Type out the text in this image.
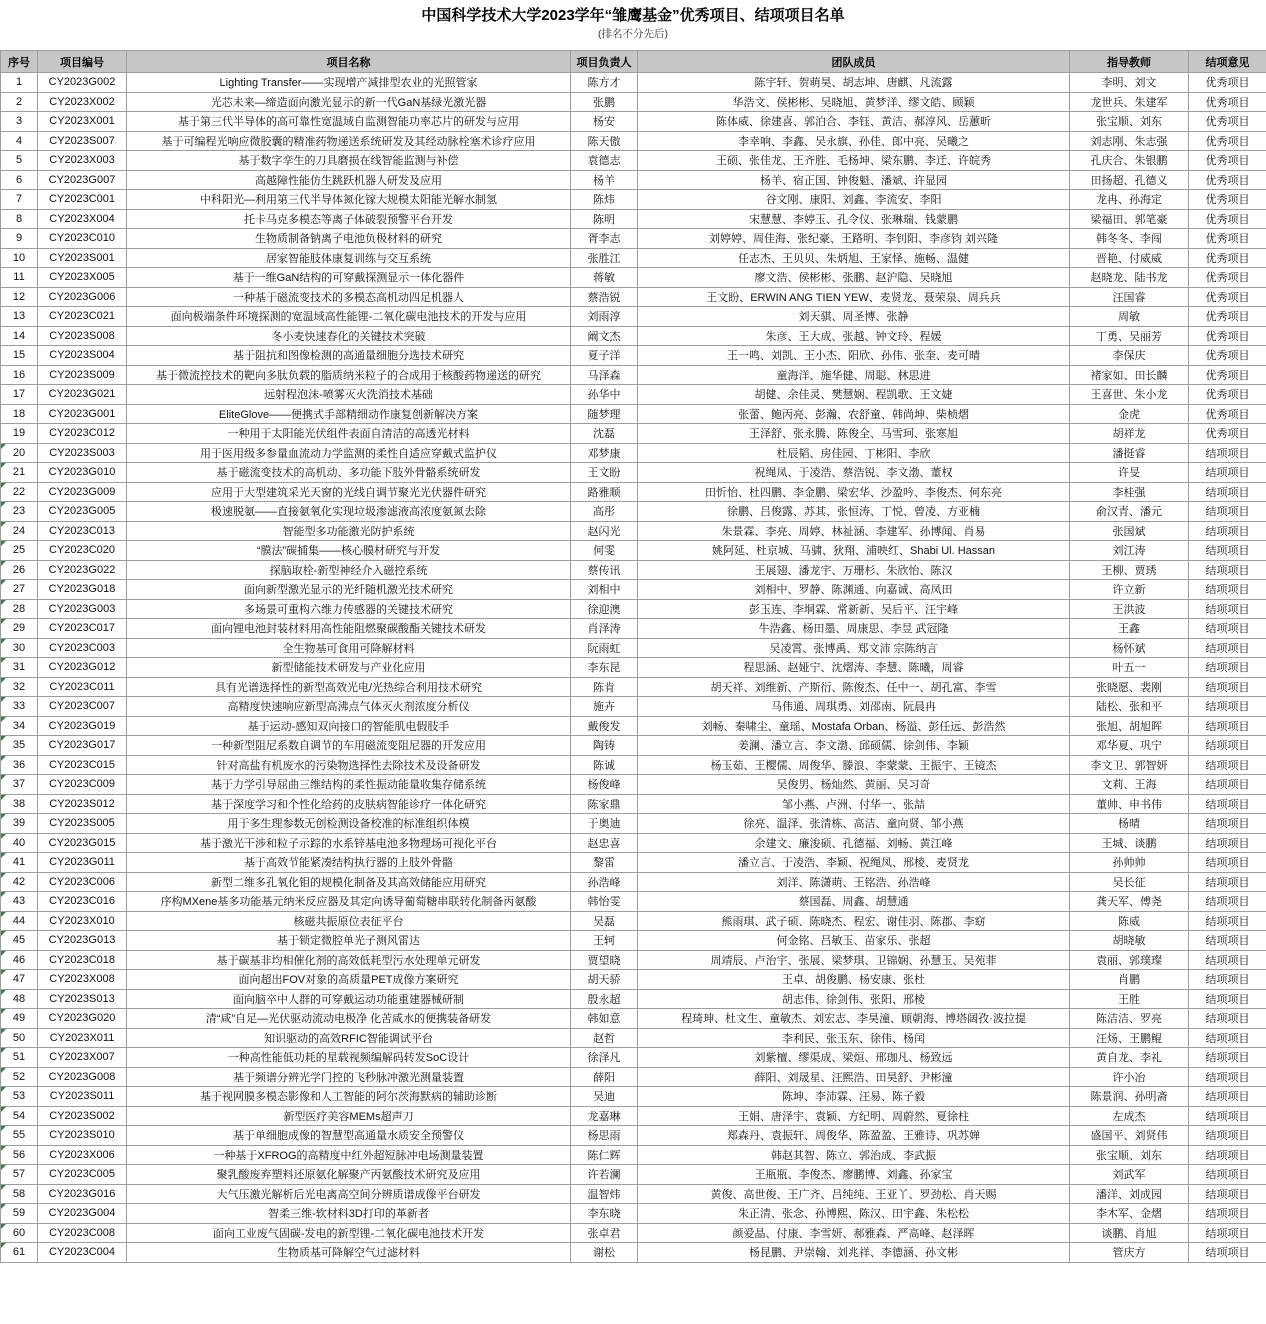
中国科学技术大学2023学年“雏鹰基金”优秀项目、结项项目名单
(排名不分先后)
序号	项目编号	项目名称	项目负责人	团队成员	指导教师	结项意见
1	CY2023G002	Lighting Transfer——实现增产减排型农业的光照管家	陈方才	陈宇轩、贺萌昊、胡志坤、唐麒、凡流露	李明、刘文	优秀项目
2	CY2023X002	光芯未来—缔造面向激光显示的新一代GaN基绿光激光器	张鹏	华浩文、侯彬彬、吴晓旭、黄梦洋、缪文皓、顾颖	龙世兵、朱建军	优秀项目
3	CY2023X001	基于第三代半导体的高可靠性宽温域自监测智能功率芯片的研发与应用	杨安	陈体威、徐建喜、郭泊合、李钰、黄洁、郝淳风、岳蕙昕	张宝顺、刘东	优秀项目
4	CY2023S007	基于可编程光响应微胶囊的精准药物递送系统研发及其经动脉栓塞术诊疗应用	陈天傲	李幸响、李鑫、吴永旗、孙佳、郎中亮、吴曦之	刘志刚、朱志强	优秀项目
5	CY2023X003	基于数字孪生的刀具磨损在线智能监测与补偿	袁德志	王硕、张佳龙、王齐胜、毛杨坤、梁东鹏、李迁、许皖秀	孔庆合、朱银鹏	优秀项目
6	CY2023G007	高越障性能仿生跳跃机器人研发及应用	杨羊	杨羊、宿正国、钟俊魁、潘斌、许显园	田扬超、孔德义	优秀项目
7	CY2023C001	中科阳光—利用第三代半导体氮化镓大规模太阳能光解水制氢	陈炜	谷文刚、康阳、刘鑫、李流安、李阳	龙冉、孙海定	优秀项目
8	CY2023X004	托卡马克多模态等离子体破裂预警平台开发	陈明	宋慧慧、李婷玉、孔令仪、张琳瑞、钱蒙鹏	梁福田、郭笔豪	优秀项目
9	CY2023C010	生物质制备钠离子电池负极材料的研究	胥李志	刘婷婷、周佳海、张纪豪、王路明、李钊阳、李彦钧 刘兴隆	韩冬冬、李闯	优秀项目
10	CY2023S001	居家智能肢体康复训练与交互系统	张胜江	任志杰、王贝贝、朱炳旭、王家怿、施畅、温健	晋艳、付威威	优秀项目
11	CY2023X005	基于一维GaN结构的可穿戴探测显示一体化器件	蒋敏	廖文浩、侯彬彬、张鹏、赵沪隐、吴晓旭	赵晓龙、陆书龙	优秀项目
12	CY2023G006	一种基于磁流变技术的多模态高机动四足机器人	蔡浩锐	王文盼、ERWIN ANG TIEN YEW、麦贤龙、聂荣泉、周兵兵	汪国睿	优秀项目
13	CY2023C021	面向极端条件环境探测的宽温域高性能锂-二氧化碳电池技术的开发与应用	刘雨淳	刘天骐、周圣博、张静	周敏	优秀项目
14	CY2023S008	冬小麦快速春化的关键技术突破	阚文杰	朱彦、王大成、张越、钟文玲、程媛	丁勇、吴丽芳	优秀项目
15	CY2023S004	基于阻抗和图像检测的高通量细胞分选技术研究	夏子洋	王一鸣、刘凯、王小杰、阳欣、孙伟、张奎、麦可晴	李保庆	优秀项目
16	CY2023S009	基于微流控技术的靶向多肽负载的脂质纳米粒子的合成用于核酸药物递送的研究	马泽森	童海洋、施华健、周聪、林思进	褚家如、田长麟	优秀项目
17	CY2023G021	远射程泡沫-喷雾灭火洗消技术基础	孙华中	胡健、余佳灵、樊慧娴、程凯歌、王文婕	王喜世、朱小龙	优秀项目
18	CY2023G001	EliteGlove——便携式手部精细动作康复创新解决方案	随梦理	张蕾、鲍丙亮、彭瀚、农舒童、韩尚坤、柴桢熠	金虎	优秀项目
19	CY2023C012	一种用于太阳能光伏组件表面自清洁的高透光材料	沈磊	王泽舒、张永腾、陈俊全、马雪珂、张寒旭	胡祥龙	优秀项目
20	CY2023S003	用于医用级多参量血流动力学监测的柔性自适应穿戴式监护仪	邓梦康	杜辰韬、房佳园、丁彬阳、李欣	潘挺睿	结项项目
21	CY2023G010	基于磁流变技术的高机动、多功能下肢外骨骼系统研发	王文盼	祝绳凤、于凌浩、蔡浩锐、李文渤、董权	许旻	结项项目
22	CY2023G009	应用于大型建筑采光天窗的光线自调节聚光光伏器件研究	路雅顺	田忻怡、杜四鹏、李金鹏、梁宏华、沙盈吟、李俊杰、何东亮	李桂强	结项项目
23	CY2023G005	极速脱氨——直接氨氧化实现垃圾渗滤液高浓度氨氮去除	高彤	徐鹏、吕俊露、苏其、张恒涛、丁悦、曾凌、方亚楠	俞汉青、潘元	结项项目
24	CY2023C013	智能型多功能激光防护系统	赵闪光	朱景霖、李亮、周婷、林祉涵、李建军、孙博闻、肖易	张国斌	结项项目
25	CY2023C020	“膜法”碳捕集——核心膜材研究与开发	何雯	姚阿延、杜京城、马骕、狄翔、浦映红、Shabi Ul. Hassan	刘江涛	结项项目
26	CY2023G022	探脑取栓-新型神经介入磁控系统	蔡传讯	王展翅、潘龙宇、万珊杉、朱欣怡、陈汉	王柳、贾琇	结项项目
27	CY2023G018	面向新型激光显示的光纤随机激光技术研究	刘相中	刘相中、罗静、陈渊通、向嘉诚、高凤田	许立新	结项项目
28	CY2023G003	多场景可重构六维力传感器的关键技术研究	徐迎澳	彭玉连、李垌霖、常新新、吴后平、汪宇峰	王洪波	结项项目
29	CY2023C017	面向锂电池封装材料用高性能阻燃聚碳酸酯关键技术研发	肖泽涛	牛浩鑫、杨田墨、周康思、李昱 武冠隆	王鑫	结项项目
30	CY2023C003	全生物基可食用可降解材料	阮雨虹	吴凌霄、张博禹、郑文沛 宗陈纳言	杨怀斌	结项项目
31	CY2023G012	新型储能技术研发与产业化应用	李东昆	程思涵、赵娅宁、沈熠涛、李慧、陈曦，周睿	叶五一	结项项目
32	CY2023C011	具有光谱选择性的新型高效光电/光热综合利用技术研究	陈肯	胡天祥、刘维新、产斯衍、陈俊杰、任中一、胡孔富、李雪	张晓愿、裴刚	结项项目
33	CY2023C007	高精度快速响应新型高沸点气体灭火剂浓度分析仪	施卉	马伟通、周琪勇、刘邵南、阮晨冉	陆松、张和平	结项项目
34	CY2023G019	基于运动-感知双向接口的智能肌电假肢手	戴俊发	刘畅、秦啸尘、童瑶、Mostafa Orban、杨溢、彭任远、彭浩然	张旭、胡旭晖	结项项目
35	CY2023G017	一种新型阻尼系数自调节的车用磁流变阻尼器的开发应用	陶铸	姜澜、潘立言、李文渤、邱硕儒、徐剑伟、李颖	邓华夏、巩宁	结项项目
36	CY2023C015	针对高盐有机废水的污染物选择性去除技术及设备研发	陈诚	杨玉茹、王樱儒、周俊华、滕浪、李蒙蒙、王振宇、王镜杰	李文卫、郭智妍	结项项目
37	CY2023C009	基于力学引导屈曲三维结构的柔性振动能量收集存储系统	杨俊峰	吴俊男、杨灿然、黄丽、吴习奇	文莉、王海	结项项目
38	CY2023S012	基于深度学习和个性化给药的皮肤病智能诊疗一体化研究	陈家鼎	邹小燕、卢洲、付华一、张喆	董帅、申书伟	结项项目
39	CY2023S005	用于多生理参数无创检测设备校准的标准组织体模	于奥迪	徐亮、温泽、张清栋、高洁、童向贤、邹小燕	杨晴	结项项目
40	CY2023G015	基于激光干涉和粒子示踪的水系锌基电池多物理场可视化平台	赵忠喜	余建文、廉浚硕、孔德福、刘畅、黄江峰	王城、谈鹏	结项项目
41	CY2023G011	基于高效节能紧凑结构执行器的上肢外骨骼	黎雷	潘立言、于凌浩、李颖、祝绳凤、邢棱、麦贤龙	孙帅帅	结项项目
42	CY2023C006	新型二维多孔氧化钼的规模化制备及其高效储能应用研究	孙浩峰	刘洋、陈潇萌、王铭浩、孙浩峰	吴长征	结项项目
43	CY2023C016	序构MXene基多功能基元纳米反应器及其定向诱导葡萄糖串联转化制备丙氨酸	韩怡雯	蔡国磊、周鑫、胡慧通	龚天军、傅尧	结项项目
44	CY2023X010	核磁共振原位表征平台	吴磊	熊雨琪、武子硕、陈晓杰、程宏、谢佳羽、陈郡、李窈	陈威	结项项目
45	CY2023G013	基于锁定微腔单光子测风雷达	王轲	何金铭、吕敏玉、苗家乐、张超	胡晓敏	结项项目
46	CY2023C018	基于碳基非均相催化剂的高效低耗型污水处理单元研发	贾望晓	周靖辰、卢治宇、张展、梁梦琪、卫锦娴、孙慧玉、吴苑菲	袁丽、郭璞璨	结项项目
47	CY2023X008	面向超出FOV对象的高质量PET成像方案研究	胡天骄	王卓、胡俊鹏、杨安康、张杜	肖鹏	结项项目
48	CY2023S013	面向脑卒中人群的可穿戴运动功能重建器械研制	殷永超	胡志伟、徐剑伟、张阳、邢棱	王胜	结项项目
49	CY2023G020	清“咸”自足—光伏驱动流动电极净 化苦咸水的便携装备研发	韩如意	程琦珅、杜文生、童敏杰、刘宏志、李昊潼、顾朝海、博塔阔孜·波拉提	陈洁洁、罗亮	结项项目
50	CY2023X011	知识驱动的高效RFIC智能调试平台	赵哲	李利民、张玉东、徐伟、杨闰	汪炀、王鹏鲲	结项项目
51	CY2023X007	一种高性能低功耗的星载视频编解码转发SoC设计	徐泽凡	刘紫檀、缪渠成、梁烜、邢珈凡、杨致远	黄自龙、李礼	结项项目
52	CY2023G008	基于频谱分辨光学门控的飞秒脉冲激光测量装置	薛阳	薛阳、刘晟星、汪熙浩、田昊舒、尹彬潼	许小冶	结项项目
53	CY2023S011	基于视网膜多模态影像和人工智能的阿尔茨海默病的辅助诊断	吴迪	陈坤、李沛霖、汪易、陈子毅	陈景润、孙明斋	结项项目
54	CY2023S002	新型医疗美容MEMs超声刀	龙嘉琳	王娟、唐泽宇、袁颖、方纪明、周蔚然、夏徐柱	左成杰	结项项目
55	CY2023S010	基于单细胞成像的智慧型高通量水质安全预警仪	杨思雨	郑森丹、袁振轩、周俊华、陈盈盈、王雅诗、巩苏婵	盛国平、刘贤伟	结项项目
56	CY2023X006	一种基于XFROG的高精度中红外超短脉冲电场测量装置	陈仁辉	韩赵其智、陈立、郭治成、李武振	张宝顺、刘东	结项项目
57	CY2023C005	聚乳酸废弃塑料还原氨化解聚产丙氨酸技术研究及应用	许若澜	王瓶瓶、李俊杰、廖鹏博、刘鑫、孙家宝	刘武军	结项项目
58	CY2023G016	大气压激光解析后光电离高空间分辨质谱成像平台研发	温智炜	黄俊、高世俊、王广齐、吕纯纯、王亚丫、罗劲松、肖天赐	潘洋、刘成园	结项项目
59	CY2023G004	智柔三维-软材料3D打印的革新者	李东晓	朱正清、张念、孙博熙、陈汉、田宇鑫、朱松松	李木军、金熠	结项项目
60	CY2023C008	面向工业废气固碳-发电的新型锂-二氧化碳电池技术开发	张卓君	颜爱晶、付康、李雪妍、郝雅森、严高峰、赵泽晖	谈鹏、肖旭	结项项目
61	CY2023C004	生物质基可降解空气过滤材料	谢松	杨昆鹏、尹崇翰、刘兆祥、李德涵、孙文彬	管庆方	结项项目
